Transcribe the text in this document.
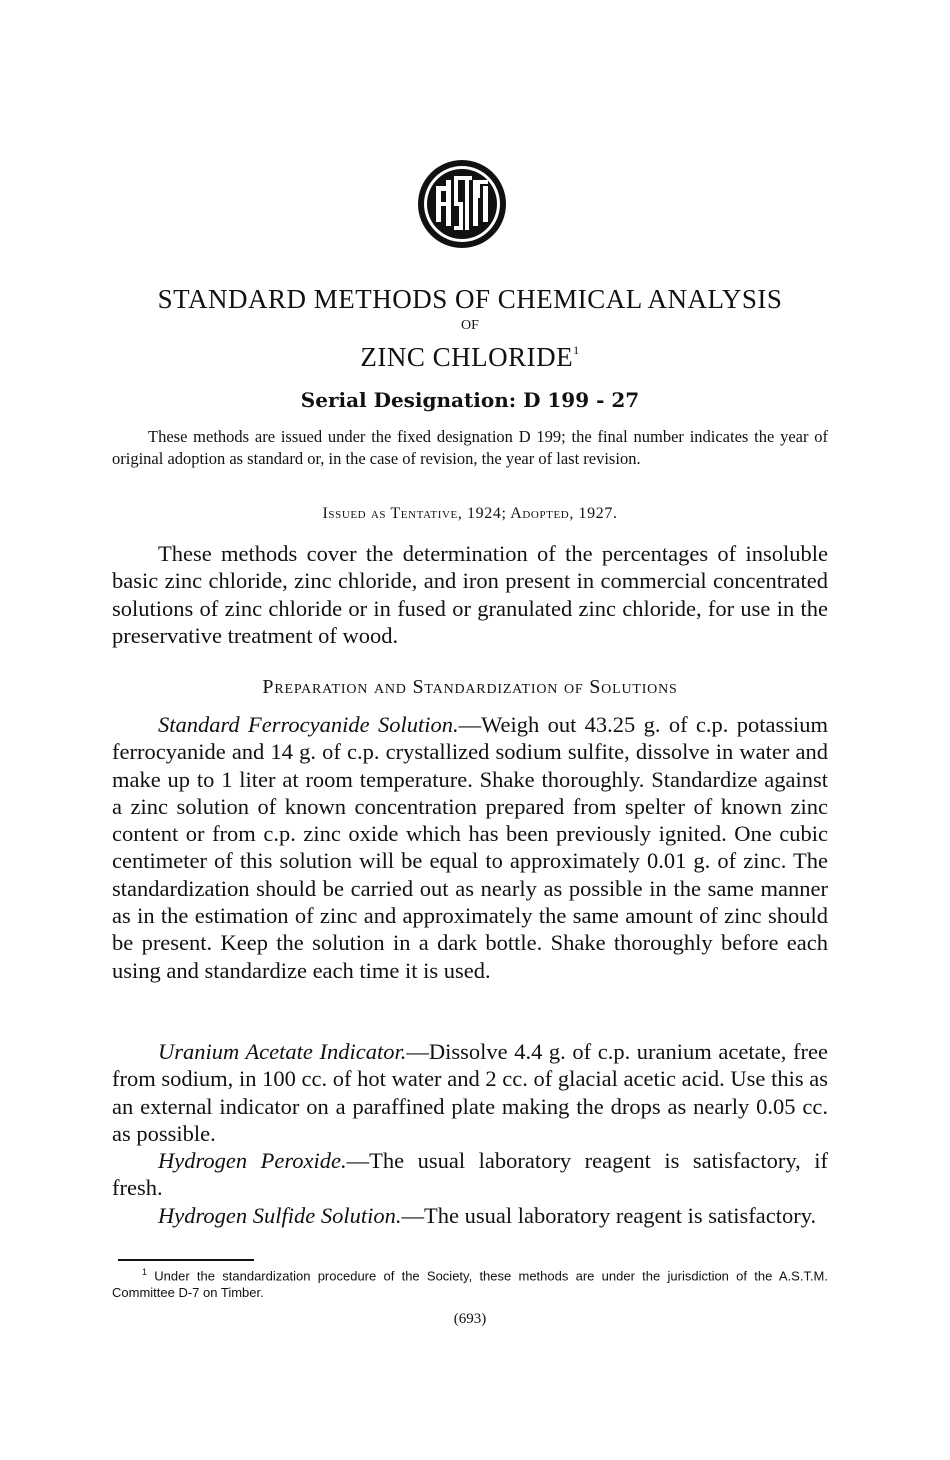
STANDARD METHODS OF CHEMICAL ANALYSIS
OF
ZINC CHLORIDE$^1$
Serial Designation: D 199 - 27
These methods are issued under the fixed designation D 199; the final number indicates the year of original adoption as standard or, in the case of revision, the year of last revision.
Issued as Tentative, 1924; Adopted, 1927.
These methods cover the determination of the percentages of insoluble basic zinc chloride, zinc chloride, and iron present in commercial concentrated solutions of zinc chloride or in fused or granulated zinc chloride, for use in the preservative treatment of wood.
Preparation and Standardization of Solutions
Standard Ferrocyanide Solution.—Weigh out 43.25 g. of c.p. potassium ferrocyanide and 14 g. of c.p. crystallized sodium sulfite, dissolve in water and make up to 1 liter at room temperature. Shake thoroughly. Standardize against a zinc solution of known concentration prepared from spelter of known zinc content or from c.p. zinc oxide which has been previously ignited. One cubic centimeter of this solution will be equal to approximately 0.01 g. of zinc. The standardization should be carried out as nearly as possible in the same manner as in the estimation of zinc and approximately the same amount of zinc should be present. Keep the solution in a dark bottle. Shake thoroughly before each using and standardize each time it is used.
Uranium Acetate Indicator.—Dissolve 4.4 g. of c.p. uranium acetate, free from sodium, in 100 cc. of hot water and 2 cc. of glacial acetic acid. Use this as an external indicator on a paraffined plate making the drops as nearly 0.05 cc. as possible.
Hydrogen Peroxide.—The usual laboratory reagent is satisfactory, if fresh.
Hydrogen Sulfide Solution.—The usual laboratory reagent is satisfactory.
$^1$ Under the standardization procedure of the Society, these methods are under the jurisdiction of the A.S.T.M. Committee D-7 on Timber.
(693)
